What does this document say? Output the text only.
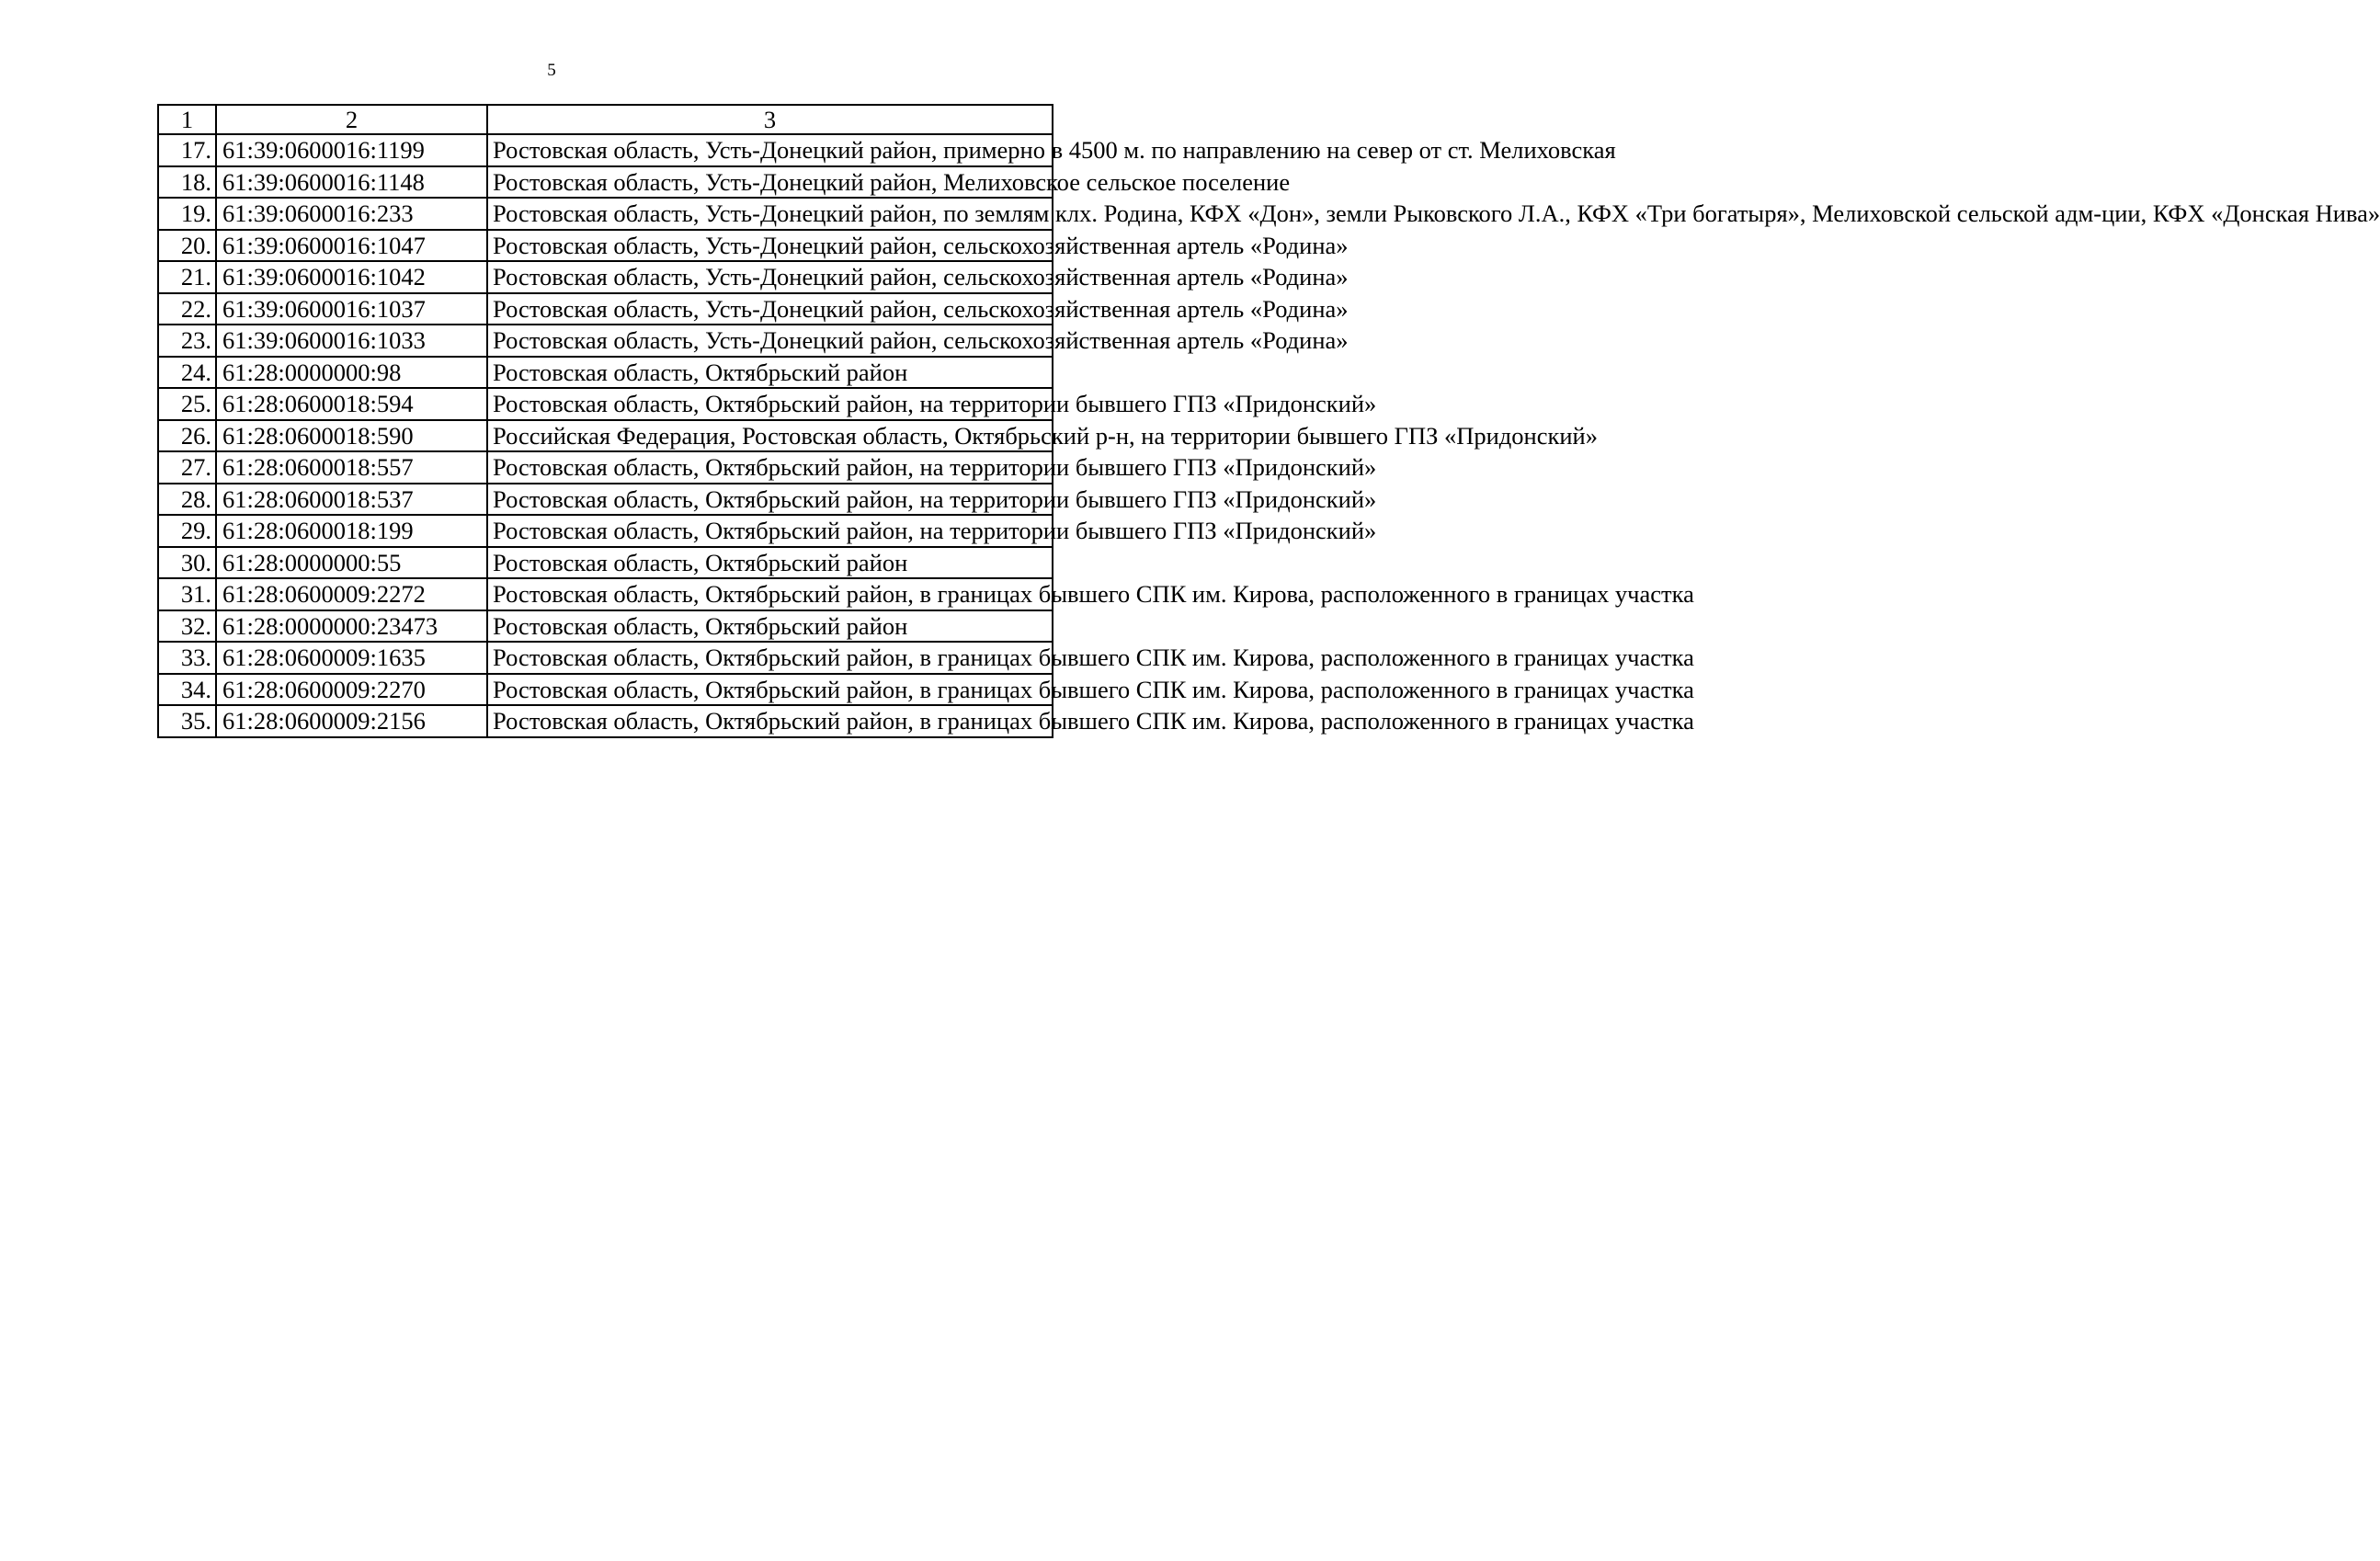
5
1	2	3
17.	61:39:0600016:1199	Ростовская область, Усть-Донецкий район, примерно в 4500 м. по направлению на север от ст. Мелиховская
18.	61:39:0600016:1148	Ростовская область, Усть-Донецкий район, Мелиховское сельское поселение
19.	61:39:0600016:233	Ростовская область, Усть-Донецкий район, по землям клх. Родина, КФХ «Дон», земли Рыковского Л.А., КФХ «Три богатыря», Мелиховской сельской адм-ции, КФХ «Донская Нива»
20.	61:39:0600016:1047	Ростовская область, Усть-Донецкий район, сельскохозяйственная артель «Родина»
21.	61:39:0600016:1042	Ростовская область, Усть-Донецкий район, сельскохозяйственная артель «Родина»
22.	61:39:0600016:1037	Ростовская область, Усть-Донецкий район, сельскохозяйственная артель «Родина»
23.	61:39:0600016:1033	Ростовская область, Усть-Донецкий район, сельскохозяйственная артель «Родина»
24.	61:28:0000000:98	Ростовская область, Октябрьский район
25.	61:28:0600018:594	Ростовская область, Октябрьский район, на территории бывшего ГПЗ «Придонский»
26.	61:28:0600018:590	Российская Федерация, Ростовская область, Октябрьский р-н, на территории бывшего ГПЗ «Придонский»
27.	61:28:0600018:557	Ростовская область, Октябрьский район, на территории бывшего ГПЗ «Придонский»
28.	61:28:0600018:537	Ростовская область, Октябрьский район, на территории бывшего ГПЗ «Придонский»
29.	61:28:0600018:199	Ростовская область, Октябрьский район, на территории бывшего ГПЗ «Придонский»
30.	61:28:0000000:55	Ростовская область, Октябрьский район
31.	61:28:0600009:2272	Ростовская область, Октябрьский район, в границах бывшего СПК им. Кирова, расположенного в границах участка
32.	61:28:0000000:23473	Ростовская область, Октябрьский район
33.	61:28:0600009:1635	Ростовская область, Октябрьский район, в границах бывшего СПК им. Кирова, расположенного в границах участка
34.	61:28:0600009:2270	Ростовская область, Октябрьский район, в границах бывшего СПК им. Кирова, расположенного в границах участка
35.	61:28:0600009:2156	Ростовская область, Октябрьский район, в границах бывшего СПК им. Кирова, расположенного в границах участка
